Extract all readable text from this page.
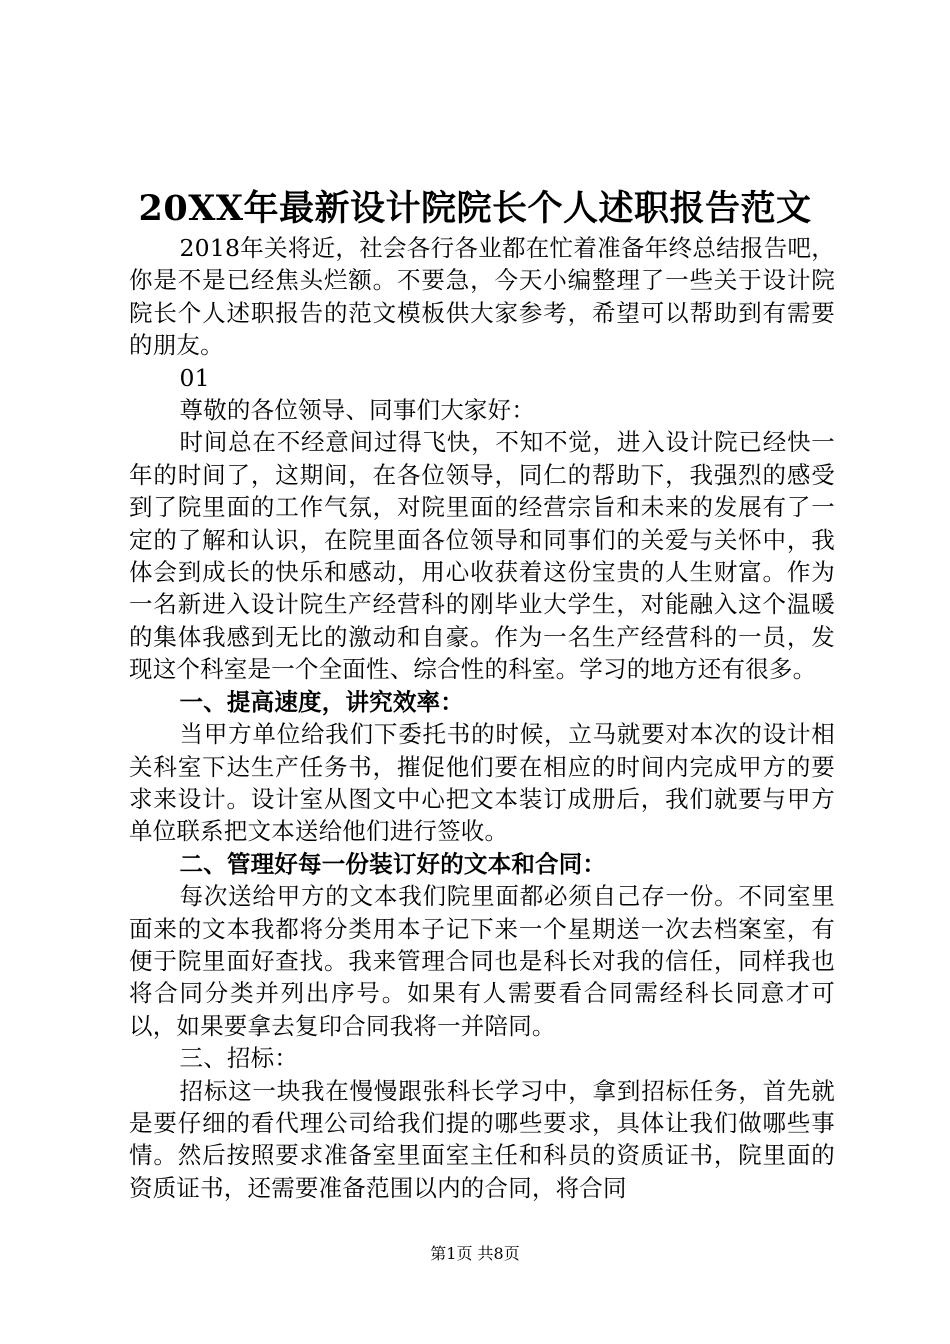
20XX年最新设计院院长个人述职报告范文

2018年关将近，社会各行各业都在忙着准备年终总结报告吧，你是不是已经焦头烂额。不要急，今天小编整理了一些关于设计院院长个人述职报告的范文模板供大家参考，希望可以帮助到有需要的朋友。

01

尊敬的各位领导、同事们大家好：

时间总在不经意间过得飞快，不知不觉，进入设计院已经快一年的时间了，这期间，在各位领导，同仁的帮助下，我强烈的感受到了院里面的工作气氛，对院里面的经营宗旨和未来的发展有了一定的了解和认识，在院里面各位领导和同事们的关爱与关怀中，我体会到成长的快乐和感动，用心收获着这份宝贵的人生财富。作为一名新进入设计院生产经营科的刚毕业大学生，对能融入这个温暖的集体我感到无比的激动和自豪。作为一名生产经营科的一员，发现这个科室是一个全面性、综合性的科室。学习的地方还有很多。

一、提高速度，讲究效率：

当甲方单位给我们下委托书的时候，立马就要对本次的设计相关科室下达生产任务书，摧促他们要在相应的时间内完成甲方的要求来设计。设计室从图文中心把文本装订成册后，我们就要与甲方单位联系把文本送给他们进行签收。

二、管理好每一份装订好的文本和合同：

每次送给甲方的文本我们院里面都必须自己存一份。不同室里面来的文本我都将分类用本子记下来一个星期送一次去档案室，有便于院里面好查找。我来管理合同也是科长对我的信任，同样我也将合同分类并列出序号。如果有人需要看合同需经科长同意才可以，如果要拿去复印合同我将一并陪同。

三、招标：

招标这一块我在慢慢跟张科长学习中，拿到招标任务，首先就是要仔细的看代理公司给我们提的哪些要求，具体让我们做哪些事情。然后按照要求准备室里面室主任和科员的资质证书，院里面的资质证书，还需要准备范围以内的合同，将合同

第1页 共8页
